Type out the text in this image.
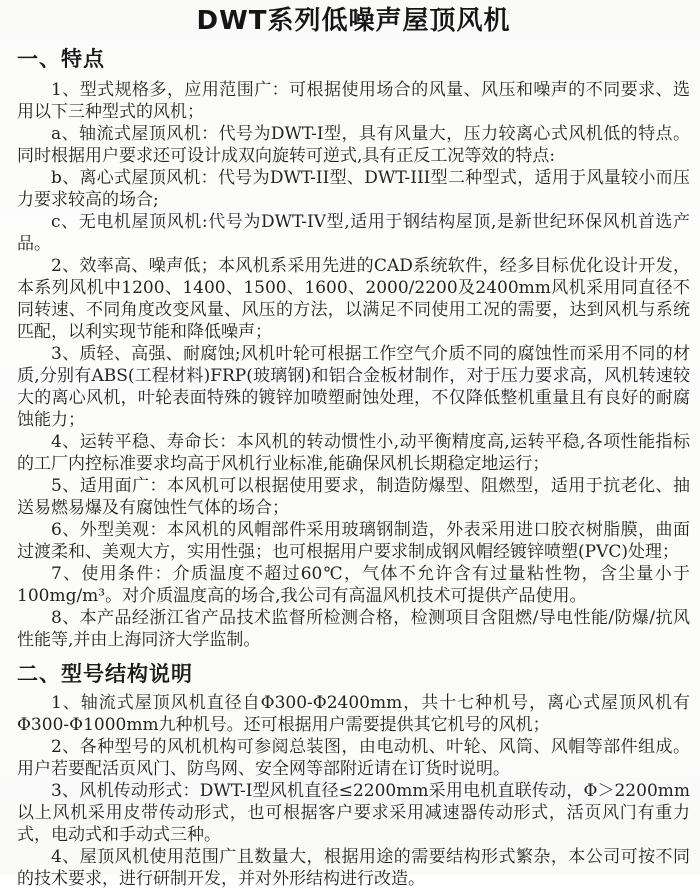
DWT系列低噪声屋顶风机
一、特点

1、型式规格多，应用范围广：可根据使用场合的风量、风压和噪声的不同要求、选用以下三种型式的风机；

a、轴流式屋顶风机：代号为DWT-I型，具有风量大，压力较离心式风机低的特点。同时根据用户要求还可设计成双向旋转可逆式,具有正反工况等效的特点:

b、离心式屋顶风机：代号为DWT-II型、DWT-III型二种型式，适用于风量较小而压力要求较高的场合;

c、无电机屋顶风机:代号为DWT-IV型,适用于钢结构屋顶,是新世纪环保风机首选产品。

2、效率高、噪声低；本风机系采用先进的CAD系统软件，经多目标优化设计开发，本系列风机中1200、1400、1500、1600、2000/2200及2400mm风机采用同直径不同转速、不同角度改变风量、风压的方法，以满足不同使用工况的需要，达到风机与系统匹配，以利实现节能和降低噪声；

3、质轻、高强、耐腐蚀;风机叶轮可根据工作空气介质不同的腐蚀性而采用不同的材质,分别有ABS(工程材料)FRP(玻璃钢)和铝合金板材制作，对于压力要求高，风机转速较大的离心风机，叶轮表面特殊的镀锌加喷塑耐蚀处理，不仅降低整机重量且有良好的耐腐蚀能力；

4、运转平稳、寿命长：本风机的转动惯性小,动平衡精度高,运转平稳,各项性能指标的工厂内控标准要求均高于风机行业标准,能确保风机长期稳定地运行；

5、适用面广：本风机可以根据使用要求，制造防爆型、阻燃型，适用于抗老化、抽送易燃易爆及有腐蚀性气体的场合；

6、外型美观：本风机的风帽部件采用玻璃钢制造，外表采用进口胶衣树脂膜，曲面过渡柔和、美观大方，实用性强；也可根据用户要求制成钢风帽经镀锌喷塑(PVC)处理；

7、使用条件：介质温度不超过60℃，气体不允许含有过量粘性物，含尘量小于100mg/m³。对介质温度高的场合,我公司有高温风机技术可提供产品使用。

8、本产品经浙江省产品技术监督所检测合格，检测项目含阻燃/导电性能/防爆/抗风性能等,并由上海同济大学监制。

二、型号结构说明

1、轴流式屋顶风机直径自Φ300-Φ2400mm，共十七种机号，离心式屋顶风机有Φ300-Φ1000mm九种机号。还可根据用户需要提供其它机号的风机；

2、各种型号的风机机构可参阅总装图，由电动机、叶轮、风筒、风帽等部件组成。用户若要配活页风门、防鸟网、安全网等部附近请在订货时说明。

3、风机传动形式：DWT-I型风机直径≤2200mm采用电机直联传动，Φ＞2200mm以上风机采用皮带传动形式，也可根据客户要求采用减速器传动形式，活页风门有重力式，电动式和手动式三种。

4、屋顶风机使用范围广且数量大，根据用途的需要结构形式繁杂，本公司可按不同的技术要求，进行研制开发，并对外形结构进行改造。
